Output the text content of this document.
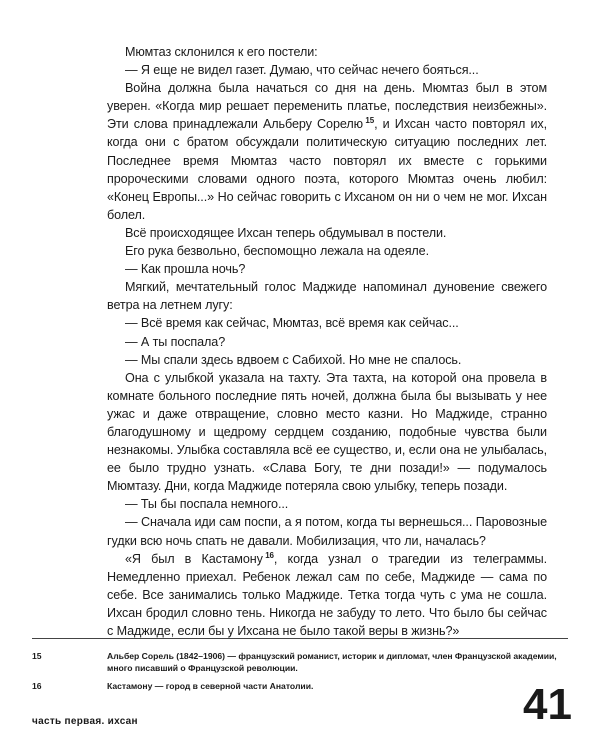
Мюмтаз склонился к его постели:

— Я еще не видел газет. Думаю, что сейчас нечего бояться...

Война должна была начаться со дня на день. Мюмтаз был в этом уверен. «Когда мир решает переменить платье, последствия неизбежны». Эти слова принадлежали Альберу Сорелю  $^{15}$, и Ихсан часто повторял их, когда они с братом обсуждали политическую ситуацию последних лет. Последнее время Мюмтаз часто повторял их вместе с горькими пророческими словами одного поэта, которого Мюмтаз очень любил: «Конец Европы...» Но сейчас говорить с Ихсаном он ни о чем не мог. Ихсан болел.

Всё происходящее Ихсан теперь обдумывал в постели.

Его рука безвольно, беспомощно лежала на одеяле.

— Как прошла ночь?

Мягкий, мечтательный голос Маджиде напоминал дуновение свежего ветра на летнем лугу:

— Всё время как сейчас, Мюмтаз, всё время как сейчас...

— А ты поспала?

— Мы спали здесь вдвоем с Сабихой. Но мне не спалось.

Она с улыбкой указала на тахту. Эта тахта, на которой она провела в комнате больного последние пять ночей, должна была бы вызывать у нее ужас и даже отвращение, словно место казни. Но Маджиде, странно благодушному и щедрому сердцем созданию, подобные чувства были незнакомы. Улыбка составляла всё ее существо, и, если она не улыбалась, ее было трудно узнать. «Слава Богу, те дни позади!» — подумалось Мюмтазу. Дни, когда Маджиде потеряла свою улыбку, теперь позади.

— Ты бы поспала немного...

— Сначала иди сам поспи, а я потом, когда ты вернешься... Паровозные гудки всю ночь спать не давали. Мобилизация, что ли, началась?

«Я был в Кастамону  $^{16}$, когда узнал о трагедии из телеграммы. Немедленно приехал. Ребенок лежал сам по себе, Маджиде — сама по себе. Все занимались только Маджиде. Тетка тогда чуть с ума не сошла. Ихсан бродил словно тень. Никогда не забуду то лето. Что было бы сейчас с Маджиде, если бы у Ихсана не было такой веры в жизнь?»

15	Альбер Сорель (1842–1906) — французский романист, историк и дипломат, член Французской академии, много писавший о Французской революции.
16	Кастамону — город в северной части Анатолии.
часть первая. ихсан	41
